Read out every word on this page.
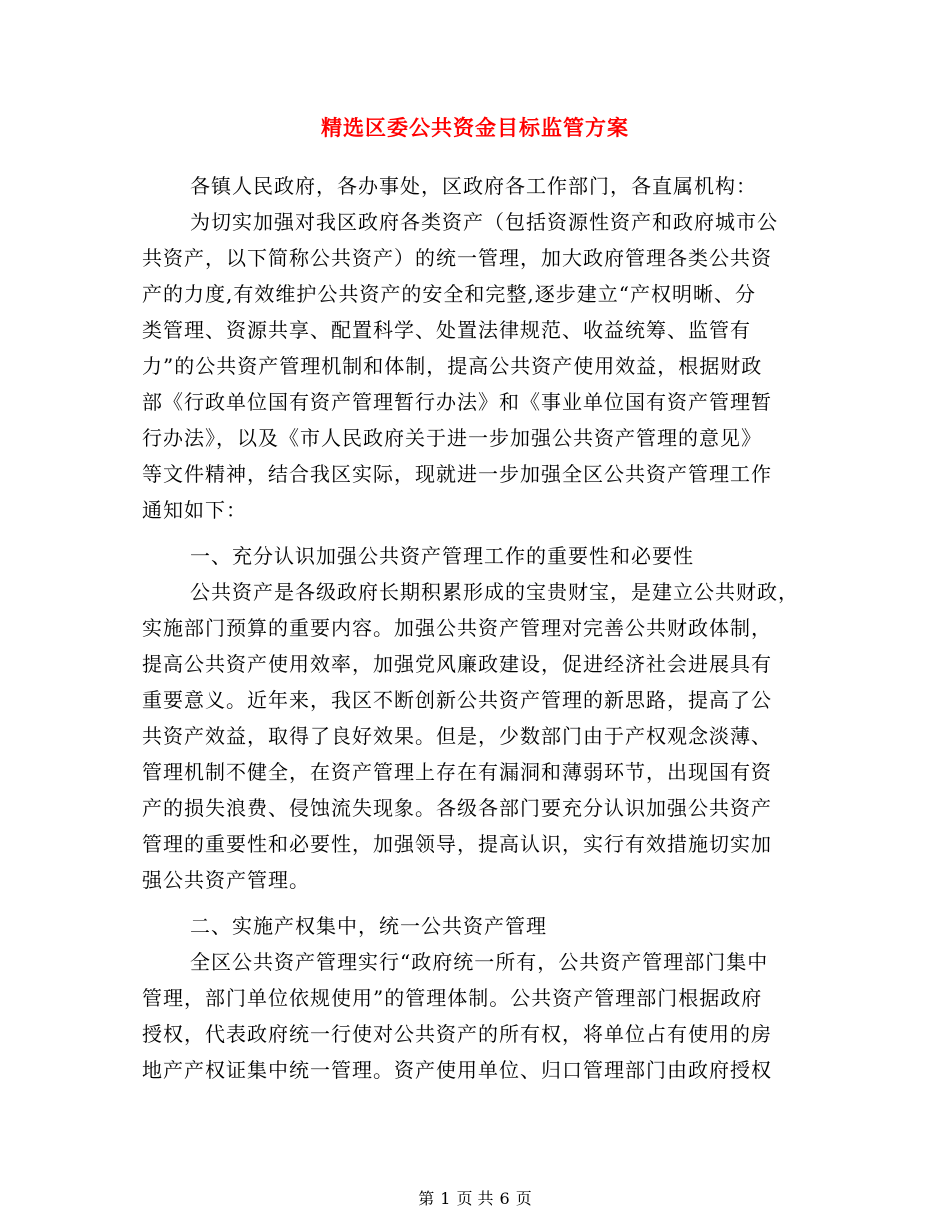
精选区委公共资金目标监管方案
各镇人民政府，各办事处，区政府各工作部门，各直属机构：
为切实加强对我区政府各类资产（包括资源性资产和政府城市公
共资产，以下简称公共资产）的统一管理，加大政府管理各类公共资
产的力度,有效维护公共资产的安全和完整,逐步建立“产权明晰、分
类管理、资源共享、配置科学、处置法律规范、收益统筹、监管有
力”的公共资产管理机制和体制，提高公共资产使用效益，根据财政
部《行政单位国有资产管理暂行办法》和《事业单位国有资产管理暂
行办法》，以及《市人民政府关于进一步加强公共资产管理的意见》
等文件精神，结合我区实际，现就进一步加强全区公共资产管理工作
通知如下：
一、充分认识加强公共资产管理工作的重要性和必要性
公共资产是各级政府长期积累形成的宝贵财宝，是建立公共财政，
实施部门预算的重要内容。加强公共资产管理对完善公共财政体制，
提高公共资产使用效率，加强党风廉政建设，促进经济社会进展具有
重要意义。近年来，我区不断创新公共资产管理的新思路，提高了公
共资产效益，取得了良好效果。但是，少数部门由于产权观念淡薄、
管理机制不健全，在资产管理上存在有漏洞和薄弱环节，出现国有资
产的损失浪费、侵蚀流失现象。各级各部门要充分认识加强公共资产
管理的重要性和必要性，加强领导，提高认识，实行有效措施切实加
强公共资产管理。
二、实施产权集中，统一公共资产管理
全区公共资产管理实行“政府统一所有，公共资产管理部门集中
管理，部门单位依规使用”的管理体制。公共资产管理部门根据政府
授权，代表政府统一行使对公共资产的所有权，将单位占有使用的房
地产产权证集中统一管理。资产使用单位、归口管理部门由政府授权
第 1 页 共 6 页
